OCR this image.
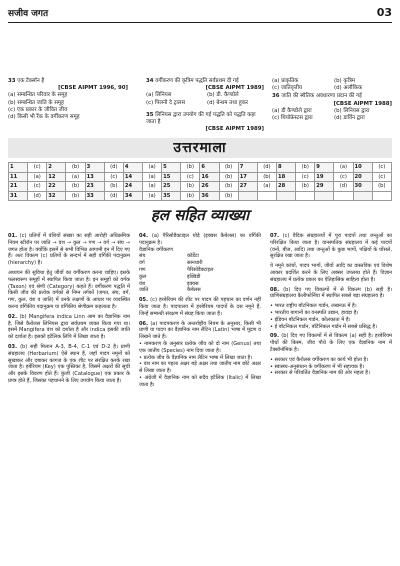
सजीव जगत	03
33 एक टैक्सॉन है
[CBSE AIPMT 1996, 90]
(a) सम्बन्धित परिवार के समूह
(b) सम्बन्धित जाति के समूह
(c) एक प्रकार के जीवित जीव
(d) किसी भी रैंक के वर्गीकरण समूह
34 वर्गीकरण की कृत्रिम पद्धति सर्वप्रथम दी गई
[CBSE AIPMT 1989]
(a) लिनियस	(b) डी. कैण्डोले
(c) पिलनी दे ट्रालस	(d) बेन्थम तथा हूकर
35 लिनियस द्वारा उपयोग की गई पद्धति को पद्धति कहा जाता है
[CBSE AIPMT 1989]
(a) प्राकृतिक	(b) कृत्रिम
(c) जातिवृत्तीय	(d) अलौकिक
36 जाति की स्थैतिक अवधारणा प्रदान की गई
[CBSE AIPMT 1988]
(a) डी कैण्डोले द्वारा	(b) लिनियस द्वारा
(c) थियोफ्रेस्टस द्वारा	(d) डार्विन द्वारा
उत्तरमाला
1	(c)	2	(b)	3	(d)	4	(a)	5	(b)	6	(b)	7	(d)	8	(b)	9	(a)	10	(c)
11	(a)	12	(a)	13	(c)	14	(a)	15	(c)	16	(b)	17	(b)	18	(c)	19	(c)	20	(c)
21	(c)	22	(b)	23	(b)	24	(a)	25	(b)	26	(b)	27	(a)	28	(b)	29	(d)	30	(b)
31	(d)	32	(b)	33	(d)	34	(a)	35	(b)	36	(b)								
हल सहित व्याख्या
01. (c) प्रतिपों में वंशियों संख्या का सही आरोही अधिक्रमिक नियम स्टीरॉन पर जाति → वंश → कुल → गण → वर्ग → संघ → जगत होता है। क्योंकि इसमें से सभी विभिन्न आगामी इन में दिए गए हैं। अतः विकल्प (c) प्रतिपों के सन्दर्भ में सही वर्गिकी पदानुक्रम (hierarchy) है।
अध्ययन की सुविधा हेतु जीवों का वर्गीकरण करना चाहिए। इसके फलस्वरूप समूहों में स्थापित किया जाता है। इन समूहों को वर्गक (Taxon) एवं श्रेणी (Category) कहते हैं। वर्गीकरण पद्धति में किसी जीव की प्रत्येक वर्गको से निम्न तर्गकों (जगत, संघ, वर्ग, गण, कुल, वंश व जाति) में उनके लक्षणों के आधार पर व्यवस्थित करना वर्गिकीय पदानुक्रम या वर्गिकीय श्रेणीक्रम कहलाता है।
02. (b) Mangifera indica Linn आम का वैज्ञानिक नाम है, जिसे कैरोलस लिनियस द्वारा सर्वप्रथम व्यक्त किया गया था। इसमें Mangifera वंश को दर्शाता है और indica इसकी जाति को दर्शाता है। इसको इटैलिक लिपि में लिखा जाता है।
03. (b) सही मिलान A-3, B-4, C-1 एवं D-2 है। प्राणी संग्रहालय (Herbarium) ऐसे स्थान हैं, जहाँ पादप नमूनों को सुखाकर और दबाकर कागज के एक शीट पर संरक्षित करके रखा जाता है। हर्बेरियम (Key) एक पुस्तिका है, जिसमें अक्षरों की सूची और इसके विवरण होते हैं। कुंजी (Catalogue) एक प्रकार के प्रपत्र होते हैं, जिसका पहचानने के लिए उपयोग किया जाता है।
04. (a) पैरिसोडैक्टाइल घोड़े (इक्वस कैबेलस) का वर्गिकी पदानुक्रम है।
वैज्ञानिक वर्गीकरण
संघ	कॉर्डेटा
वर्ग	स्तनधारी
गण	पैरिसोडैक्टाइल
कुल	इक्विडी
वंश	इक्वस
जाति	कैबेलस
05. (c) हरबेरियम की शीट पर पादप की पहचान का वर्णन नहीं किया जाता है। पादपालय में हरबेरियम पादपों के दस नमूने हैं, जिन्हें सम्बन्धी संरक्षण में संग्रह किया जाता है।
06. (a) पादपकरण के अन्तर्राष्ट्रीय नियम के अनुसार, किसी भी प्राणी या पादप का वैज्ञानिक नाम लैटिन (Latin) भाषा में मुद्रण व लिखने जाते हैं।
• नामकरण के अनुसार प्रत्येक जीव को दो नाम (Genus) तथा एक जातीय (Species) नाम दिया जाता है।
• प्रत्येक जीव के वैज्ञानिक नाम लैटिन भाषा में लिखा जाता है।
• वंश नाम का पहला अक्षर बड़े अक्षर तथा जातीय नाम छोटे अक्षर से लिखा जाता है।
• अंग्रेजी में वैज्ञानिक नाम को सदैव इटैलिक (Italic) में लिखा जाता है।
07. (c) वैदिक संग्रहालयों में पूरा पादपों तथा जन्तुओं का परिरक्षित किया जाता है। वानस्पतिक संग्रहालय में कई पादपों (वनों, बीज, आदि) तथा जन्तुओं के कुछ भागों, पक्षियों के घोंसले, सुरक्षित रखा जाता है।
ये नमूने कांचों, पादप भागों, जीवों आदि का वास्तविक एवं विशेष आकार प्रदर्शित करने के लिए अक्सर उपलब्ध होते हैं। विज्ञान संग्रहालय में प्रत्येक प्रकार का ऐतिहासिक साहित्य होता है।
08. (b) दिए गए विकल्पों में से विकल्प (b) सही है। प्राणिसंग्रहालय कैलीफोर्निया में स्थापित सबसे बड़ा संग्रहालय है।
• भारत राष्ट्रीय बॉटनिकल गार्डन, लखनऊ में है।
• भारतीय बागानों का वनस्पति उद्यान, हावड़ा है।
• इंडियन बॉटनिकल गार्डन, कोलकाता में है।
• ई बॉटनिकल गार्डन, बॉटैनिकल गार्डन में सबसे प्रसिद्ध है।
09. (b) दिए गए विकल्पों में से विकल्प (a) सही है। हरबेरियम पौधों की किस्म, जीव पौधे के लिए एक वैज्ञानिक नाम में टैक्सॉनॉमिक है।
• सरकार एवं कैरोलस वर्गीकरण का कार्य भी होता है।
• स्वास्थ्य-अनुसंधान के वर्गीकरण में भी सहायक है।
• सरकार से परिवर्तित वैज्ञानिक नाम की ओर महत्व है।
